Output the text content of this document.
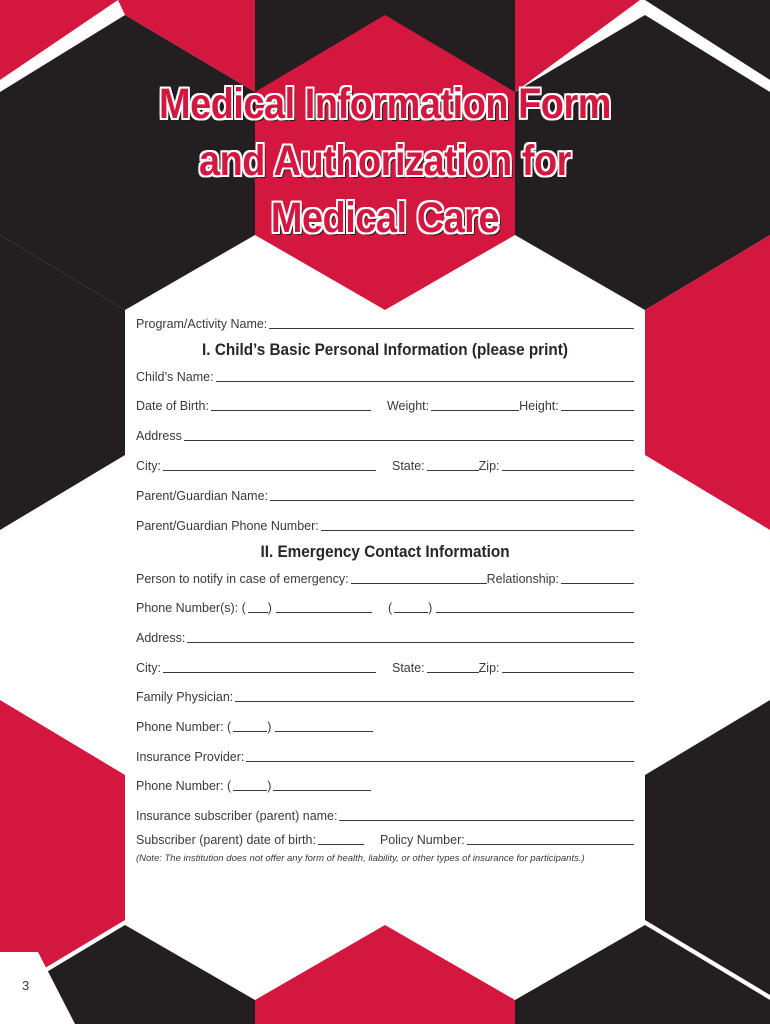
Medical Information Form
and Authorization for
Medical Care
Program/Activity Name:
I. Child’s Basic Personal Information (please print)
Child’s Name:
Date of Birth:	Weight:	Height:
Address
City:	State:	Zip:
Parent/Guardian Name:
Parent/Guardian Phone Number:
II. Emergency Contact Information
Person to notify in case of emergency:	Relationship:
Phone Number(s): ( )	(	)
Address:
City:	State:	Zip:
Family Physician:
Phone Number: (	)
Insurance Provider:
Phone Number: (	)
Insurance subscriber (parent) name:
Subscriber (parent) date of birth:	Policy Number:
(Note: The institution does not offer any form of health, liability, or other types of insurance for participants.)
3
